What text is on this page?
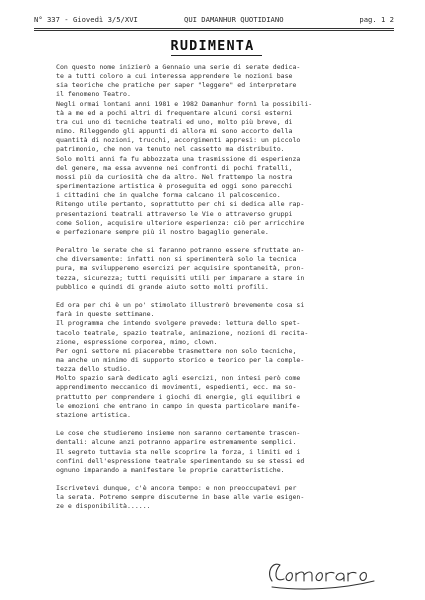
N° 337 - Giovedì 3/5/XVI	QUI DAMANHUR QUOTIDIANO	pag. 1 2
RUDIMENTA

Con questo nome inizierò a Gennaio una serie di serate dedica-
te a tutti coloro a cui interessa apprendere le nozioni base
sia teoriche che pratiche per saper "leggere" ed interpretare
il fenomeno Teatro.
Negli ormai lontani anni 1981 e 1982 Damanhur fornì la possibili-
tà a me ed a pochi altri di frequentare alcuni corsi esterni
tra cui uno di tecniche teatrali ed uno, molto più breve, di
mimo. Rileggendo gli appunti di allora mi sono accorto della
quantità di nozioni, trucchi, accorgimenti appresi: un piccolo
patrimonio, che non va tenuto nel cassetto ma distribuito.
Solo molti anni fa fu abbozzata una trasmissione di esperienza
del genere, ma essa avvenne nei confronti di pochi fratelli,
mossi più da curiosità che da altro. Nel frattempo la nostra
sperimentazione artistica è proseguita ed oggi sono parecchi
i cittadini che in qualche forma calcano il palcoscenico.
Ritengo utile pertanto, soprattutto per chi si dedica alle rap-
presentazioni teatrali attraverso le Vie o attraverso gruppi
come Solion, acquisire ulteriore esperienza: ciò per arricchire
e perfezionare sempre più il nostro bagaglio generale.

Peraltro le serate che si faranno potranno essere sfruttate an-
che diversamente: infatti non si sperimenterà solo la tecnica
pura, ma svilupperemo esercizi per acquisire spontaneità, pron-
tezza, sicurezza; tutti requisiti utili per imparare a stare in
pubblico e quindi di grande aiuto sotto molti profili.

Ed ora per chi è un po' stimolato illustrerò brevemente cosa si
farà in queste settimane.
Il programma che intendo svolgere prevede: lettura dello spet-
tacolo teatrale, spazio teatrale, animazione, nozioni di recita-
zione, espressione corporea, mimo, clown.
Per ogni settore mi piacerebbe trasmettere non solo tecniche,
ma anche un minimo di supporto storico e teorico per la comple-
tezza dello studio.
Molto spazio sarà dedicato agli esercizi, non intesi però come
apprendimento meccanico di movimenti, espedienti, ecc. ma so-
prattutto per comprendere i giochi di energie, gli equilibri e
le emozioni che entrano in campo in questa particolare manife-
stazione artistica.

Le cose che studieremo insieme non saranno certamente trascen-
dentali: alcune anzi potranno apparire estremamente semplici.
Il segreto tuttavia sta nelle scoprire la forza, i limiti ed i
confini dell'espressione teatrale sperimentando su se stessi ed
ognuno imparando a manifestare le proprie caratteristiche.

Iscrivetevi dunque, c'è ancora tempo: e non preoccupatevi per
la serata. Potremo sempre discuterne in base alle varie esigen-
ze e disponibilità......
